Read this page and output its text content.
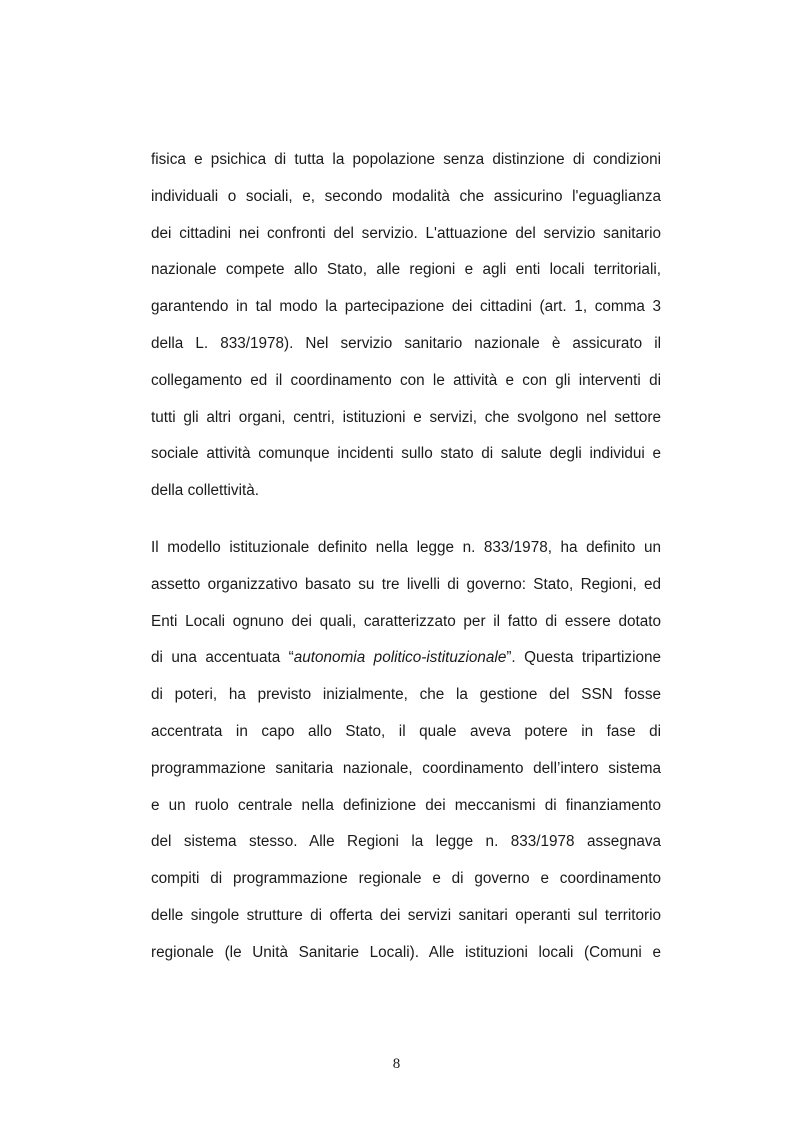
fisica e psichica di tutta la popolazione senza distinzione di condizioni
individuali o sociali, e, secondo modalità che assicurino l'eguaglianza
dei cittadini nei confronti del servizio. L'attuazione del servizio sanitario
nazionale compete allo Stato, alle regioni e agli enti locali territoriali,
garantendo in tal modo la partecipazione dei cittadini (art. 1, comma 3
della L. 833/1978). Nel servizio sanitario nazionale è assicurato il
collegamento ed il coordinamento con le attività e con gli interventi di
tutti gli altri organi, centri, istituzioni e servizi, che svolgono nel settore
sociale attività comunque incidenti sullo stato di salute degli individui e
della collettività.
Il modello istituzionale definito nella legge n. 833/1978, ha definito un
assetto organizzativo basato su tre livelli di governo: Stato, Regioni, ed
Enti Locali ognuno dei quali, caratterizzato per il fatto di essere dotato
di una accentuata “autonomia politico-istituzionale”. Questa tripartizione
di poteri, ha previsto inizialmente, che la gestione del SSN fosse
accentrata in capo allo Stato, il quale aveva potere in fase di
programmazione sanitaria nazionale, coordinamento dell’intero sistema
e un ruolo centrale nella definizione dei meccanismi di finanziamento
del sistema stesso. Alle Regioni la legge n. 833/1978 assegnava
compiti di programmazione regionale e di governo e coordinamento
delle singole strutture di offerta dei servizi sanitari operanti sul territorio
regionale (le Unità Sanitarie Locali). Alle istituzioni locali (Comuni e
8
